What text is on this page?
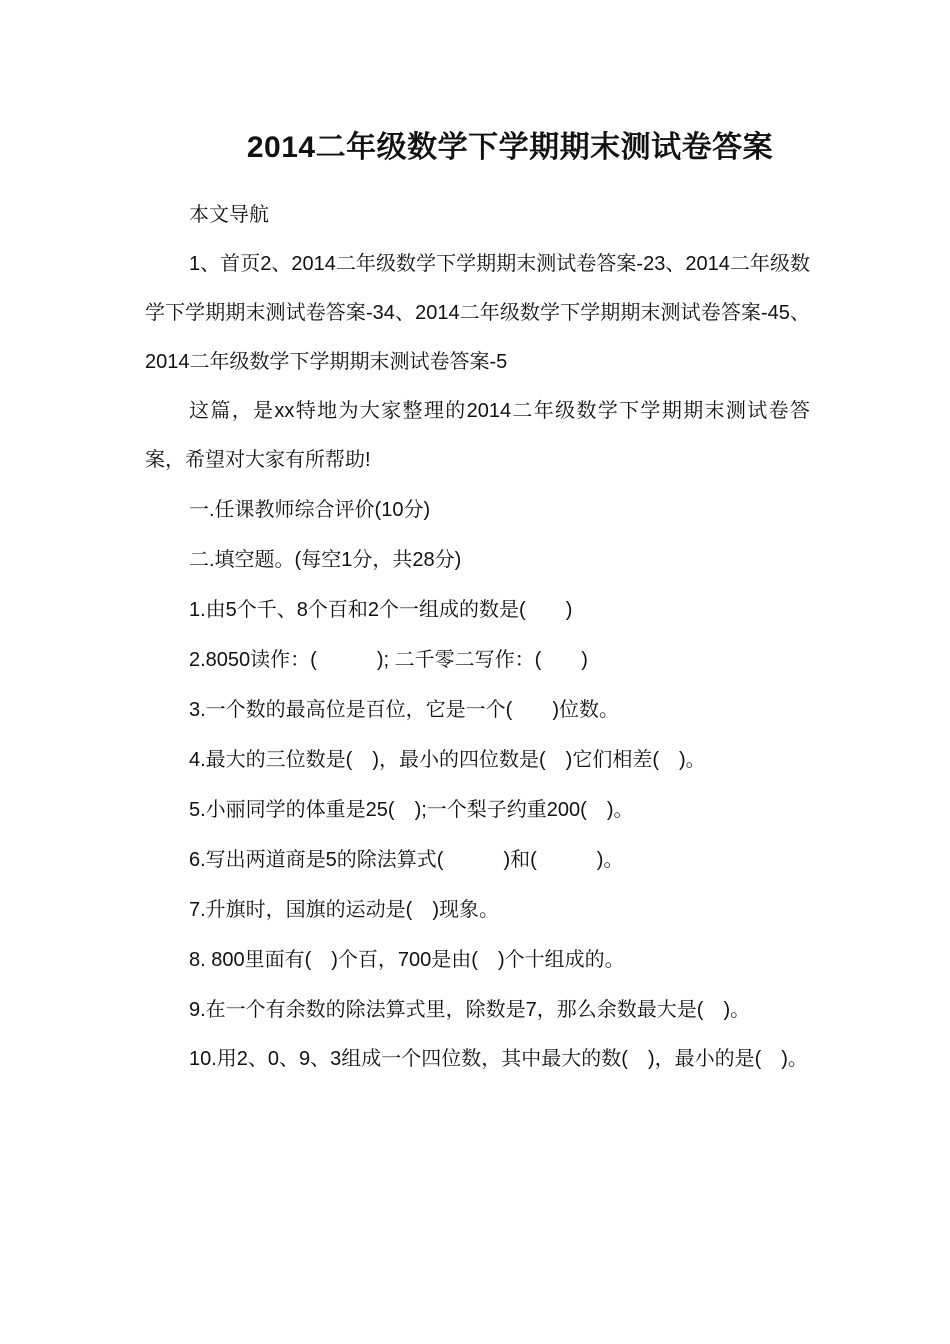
2014二年级数学下学期期末测试卷答案

本文导航

1、首页2、2014二年级数学下学期期末测试卷答案-23、2014二年级数学下学期期末测试卷答案-34、2014二年级数学下学期期末测试卷答案-45、2014二年级数学下学期期末测试卷答案-5

这篇，是xx特地为大家整理的2014二年级数学下学期期末测试卷答案，希望对大家有所帮助!

一.任课教师综合评价(10分)

二.填空题。(每空1分，共28分)

1.由5个千、8个百和2个一组成的数是(　　)

2.8050读作：(　　　); 二千零二写作：(　　)

3.一个数的最高位是百位，它是一个(　　)位数。

4.最大的三位数是(　)，最小的四位数是(　)它们相差(　)。

5.小丽同学的体重是25(　);一个梨子约重200(　)。

6.写出两道商是5的除法算式(　　　)和(　　　)。

7.升旗时，国旗的运动是(　)现象。

8. 800里面有(　)个百，700是由(　)个十组成的。

9.在一个有余数的除法算式里，除数是7，那么余数最大是(　)。

10.用2、0、9、3组成一个四位数，其中最大的数(　)，最小的是(　)。
